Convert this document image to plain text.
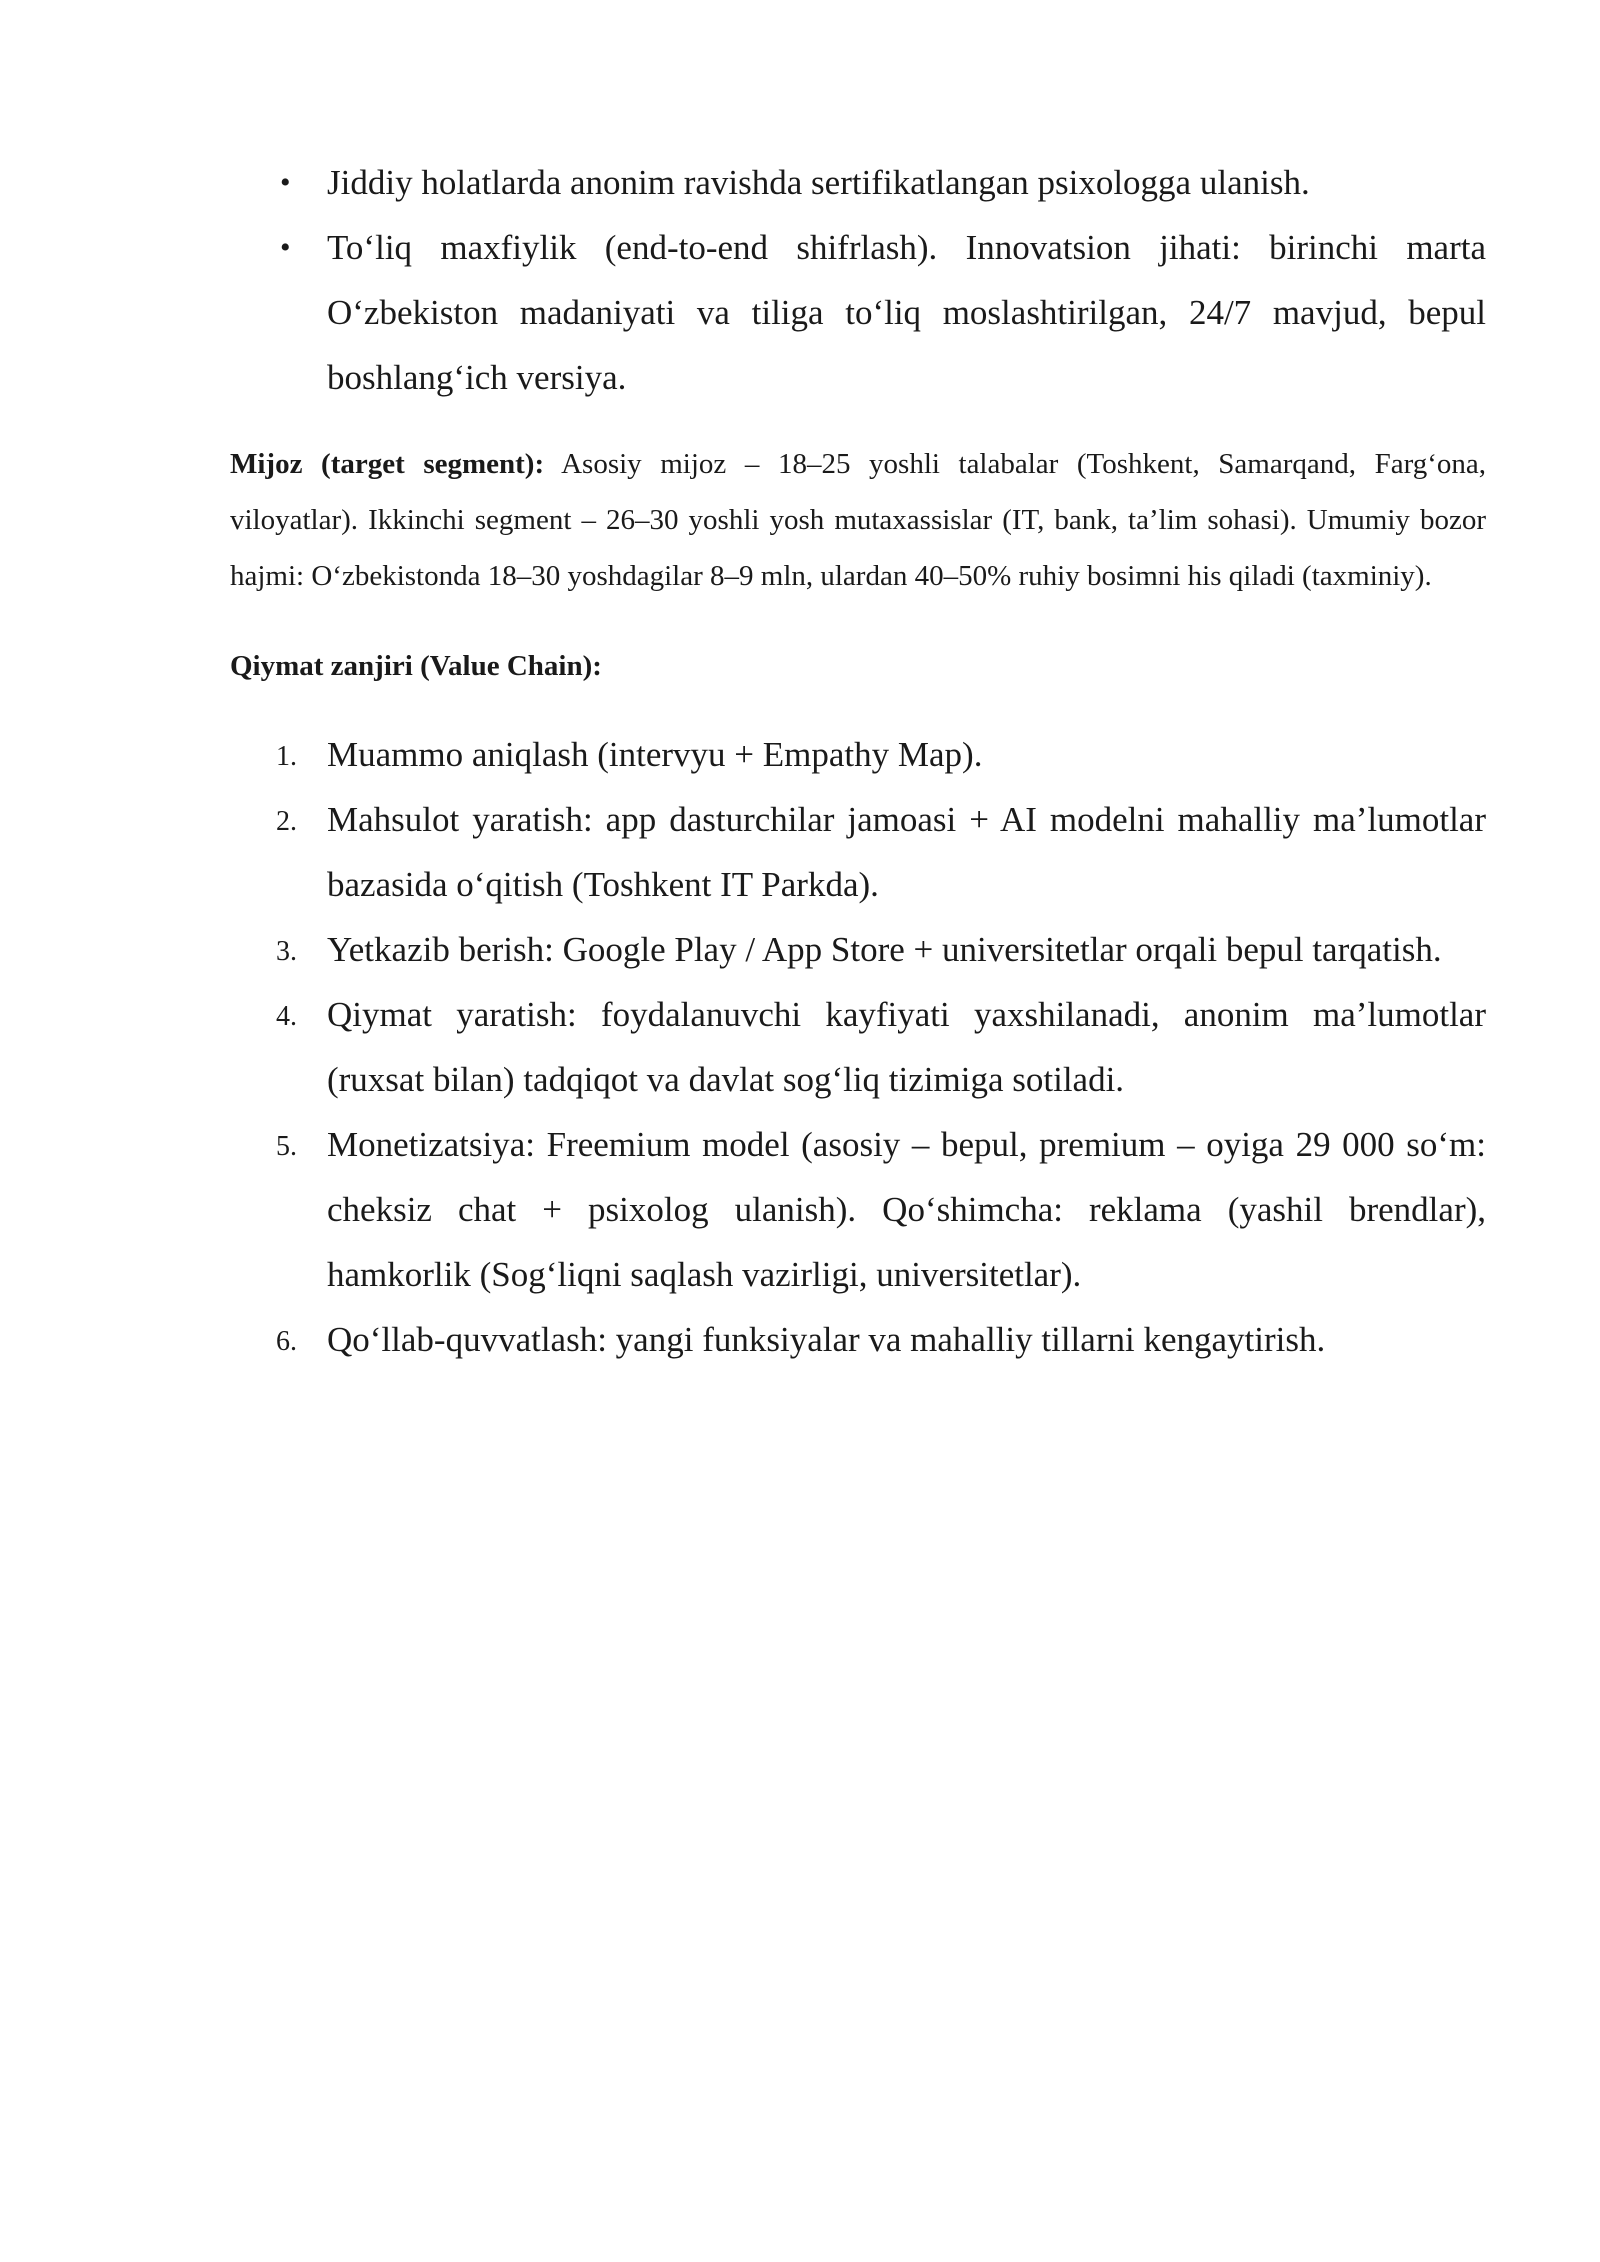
• Jiddiy holatlarda anonim ravishda sertifikatlangan psixologga ulanish.
• To‘liq maxfiylik (end-to-end shifrlash). Innovatsion jihati: birinchi marta O‘zbekiston madaniyati va tiliga to‘liq moslashtirilgan, 24/7 mavjud, bepul boshlang‘ich versiya.

Mijoz (target segment): Asosiy mijoz – 18–25 yoshli talabalar (Toshkent, Samarqand, Farg‘ona, viloyatlar). Ikkinchi segment – 26–30 yoshli yosh mutaxassislar (IT, bank, ta’lim sohasi). Umumiy bozor hajmi: O‘zbekistonda 18–30 yoshdagilar 8–9 mln, ulardan 40–50% ruhiy bosimni his qiladi (taxminiy).

Qiymat zanjiri (Value Chain):

1. Muammo aniqlash (intervyu + Empathy Map).
2. Mahsulot yaratish: app dasturchilar jamoasi + AI modelni mahalliy ma’lumotlar bazasida o‘qitish (Toshkent IT Parkda).
3. Yetkazib berish: Google Play / App Store + universitetlar orqali bepul tarqatish.
4. Qiymat yaratish: foydalanuvchi kayfiyati yaxshilanadi, anonim ma’lumotlar (ruxsat bilan) tadqiqot va davlat sog‘liq tizimiga sotiladi.
5. Monetizatsiya: Freemium model (asosiy – bepul, premium – oyiga 29 000 so‘m: cheksiz chat + psixolog ulanish). Qo‘shimcha: reklama (yashil brendlar), hamkorlik (Sog‘liqni saqlash vazirligi, universitetlar).
6. Qo‘llab-quvvatlash: yangi funksiyalar va mahalliy tillarni kengaytirish.
